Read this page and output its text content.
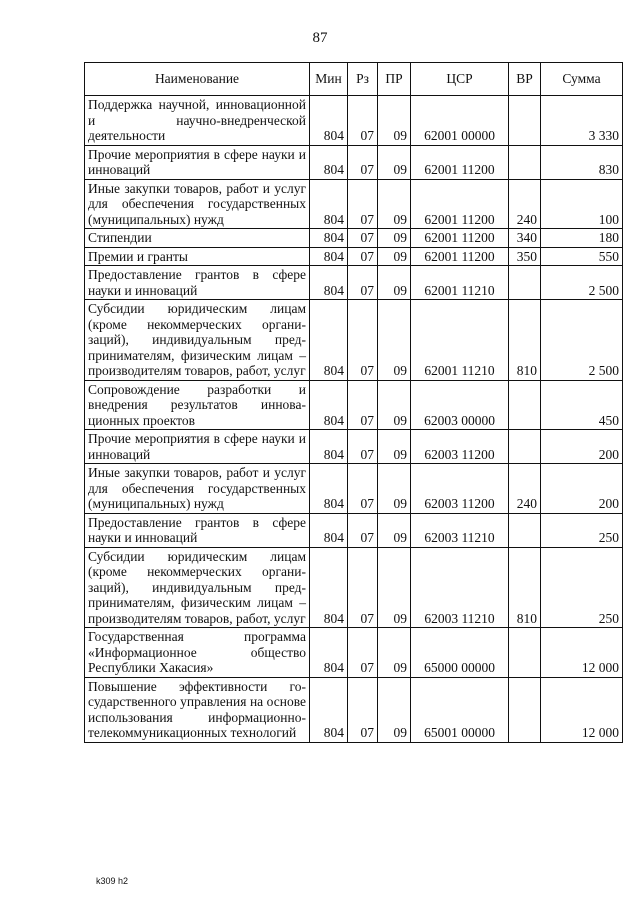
87
Наименование	Мин	Рз	ПР	ЦСР	ВР	Сумма
Поддержка научной, инновационной и научно-внедренческой деятельности	804	07	09	62001 00000		3 330
Прочие мероприятия в сфере науки и инноваций	804	07	09	62001 11200		830
Иные закупки товаров, работ и услуг для обеспечения государственных (муниципальных) нужд	804	07	09	62001 11200	240	100
Стипендии	804	07	09	62001 11200	340	180
Премии и гранты	804	07	09	62001 11200	350	550
Предоставление грантов в сфере науки и инноваций	804	07	09	62001 11210		2 500
Субсидии юридическим лицам (кроме некоммерческих организаций), индивидуальным предпринимателям, физическим лицам – производителям товаров, работ, услуг	804	07	09	62001 11210	810	2 500
Сопровождение разработки и внедрения результатов инновационных проектов	804	07	09	62003 00000		450
Прочие мероприятия в сфере науки и инноваций	804	07	09	62003 11200		200
Иные закупки товаров, работ и услуг для обеспечения государственных (муниципальных) нужд	804	07	09	62003 11200	240	200
Предоставление грантов в сфере науки и инноваций	804	07	09	62003 11210		250
Субсидии юридическим лицам (кроме некоммерческих организаций), индивидуальным предпринимателям, физическим лицам – производителям товаров, работ, услуг	804	07	09	62003 11210	810	250
Государственная программа «Информационное общество Республики Хакасия»	804	07	09	65000 00000		12 000
Повышение эффективности государственного управления на основе использования информационно-телекоммуникационных технологий	804	07	09	65001 00000		12 000
k309 h2
